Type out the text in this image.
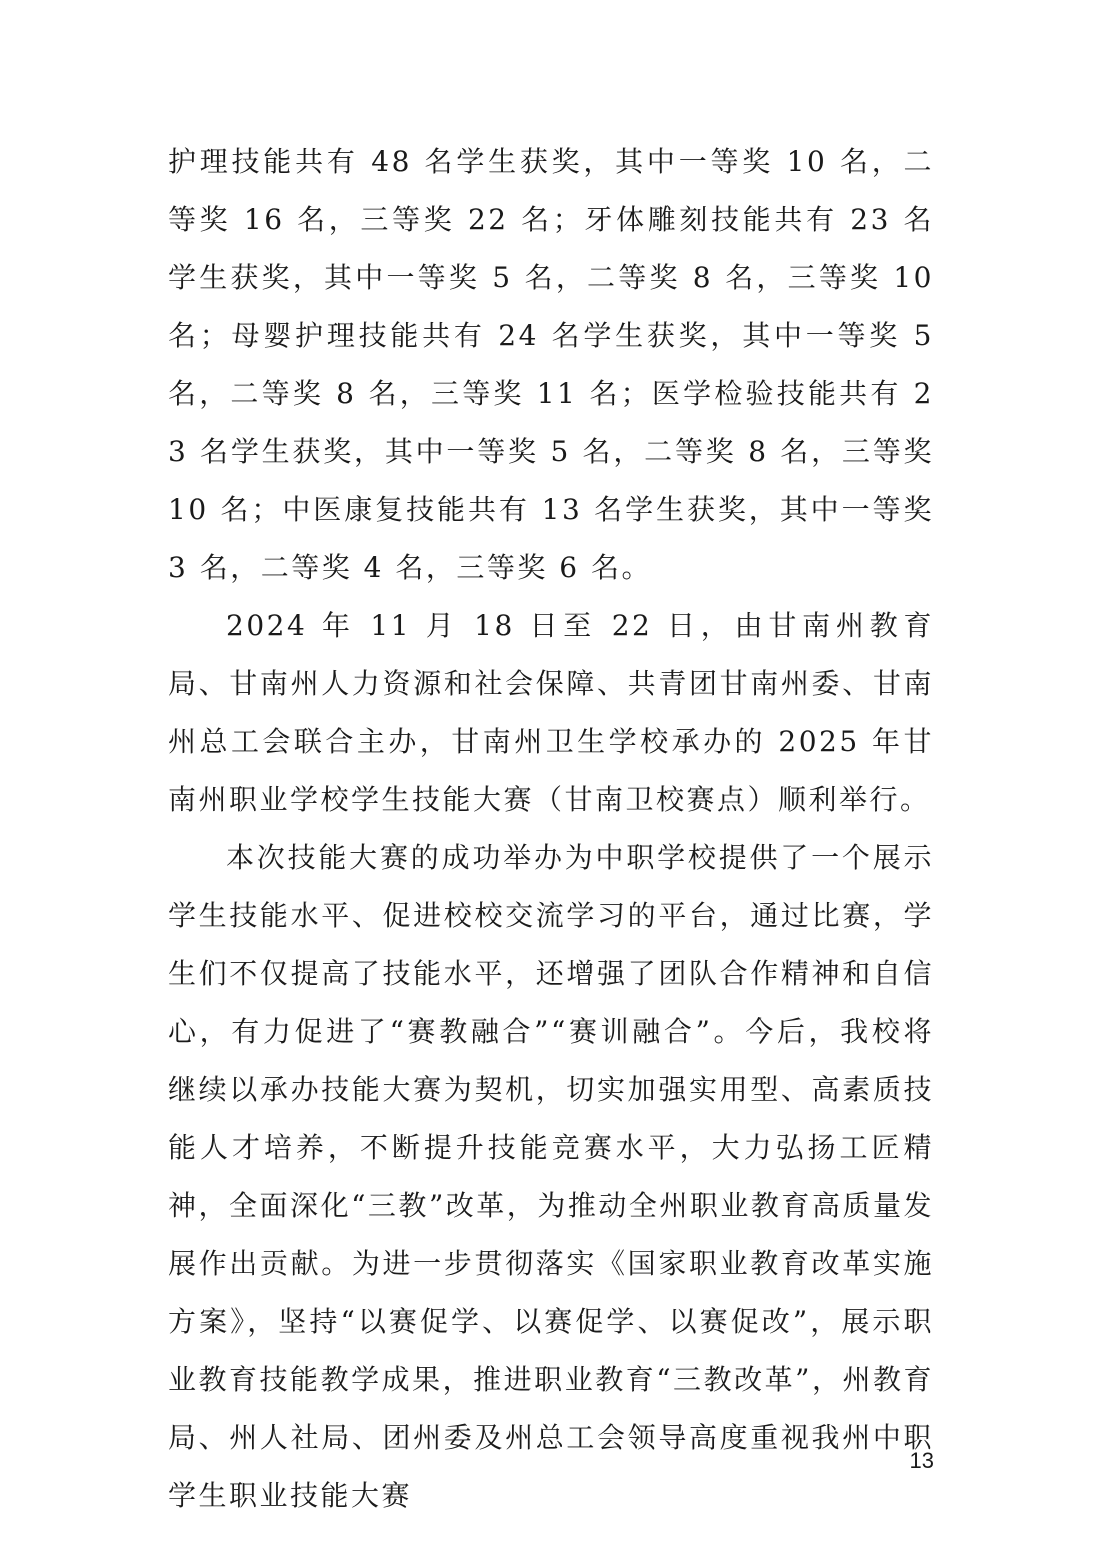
护理技能共有 48 名学生获奖，其中一等奖 10 名，二等奖 16 名，三等奖 22 名；牙体雕刻技能共有 23 名学生获奖，其中一等奖 5 名，二等奖 8 名，三等奖 10 名；母婴护理技能共有 24 名学生获奖，其中一等奖 5 名，二等奖 8 名，三等奖 11 名；医学检验技能共有 23 名学生获奖，其中一等奖 5 名，二等奖 8 名，三等奖 10 名；中医康复技能共有 13 名学生获奖，其中一等奖 3 名，二等奖 4 名，三等奖 6 名。

2024 年 11 月 18 日至 22 日，由甘南州教育局、甘南州人力资源和社会保障、共青团甘南州委、甘南州总工会联合主办，甘南州卫生学校承办的 2025 年甘南州职业学校学生技能大赛（甘南卫校赛点）顺利举行。

本次技能大赛的成功举办为中职学校提供了一个展示学生技能水平、促进校校交流学习的平台，通过比赛，学生们不仅提高了技能水平，还增强了团队合作精神和自信心，有力促进了“赛教融合”“赛训融合”。今后，我校将继续以承办技能大赛为契机，切实加强实用型、高素质技能人才培养，不断提升技能竞赛水平，大力弘扬工匠精神，全面深化“三教”改革，为推动全州职业教育高质量发展作出贡献。为进一步贯彻落实《国家职业教育改革实施方案》，坚持“以赛促学、以赛促学、以赛促改”，展示职业教育技能教学成果，推进职业教育“三教改革”，州教育局、州人社局、团州委及州总工会领导高度重视我州中职学生职业技能大赛

13
